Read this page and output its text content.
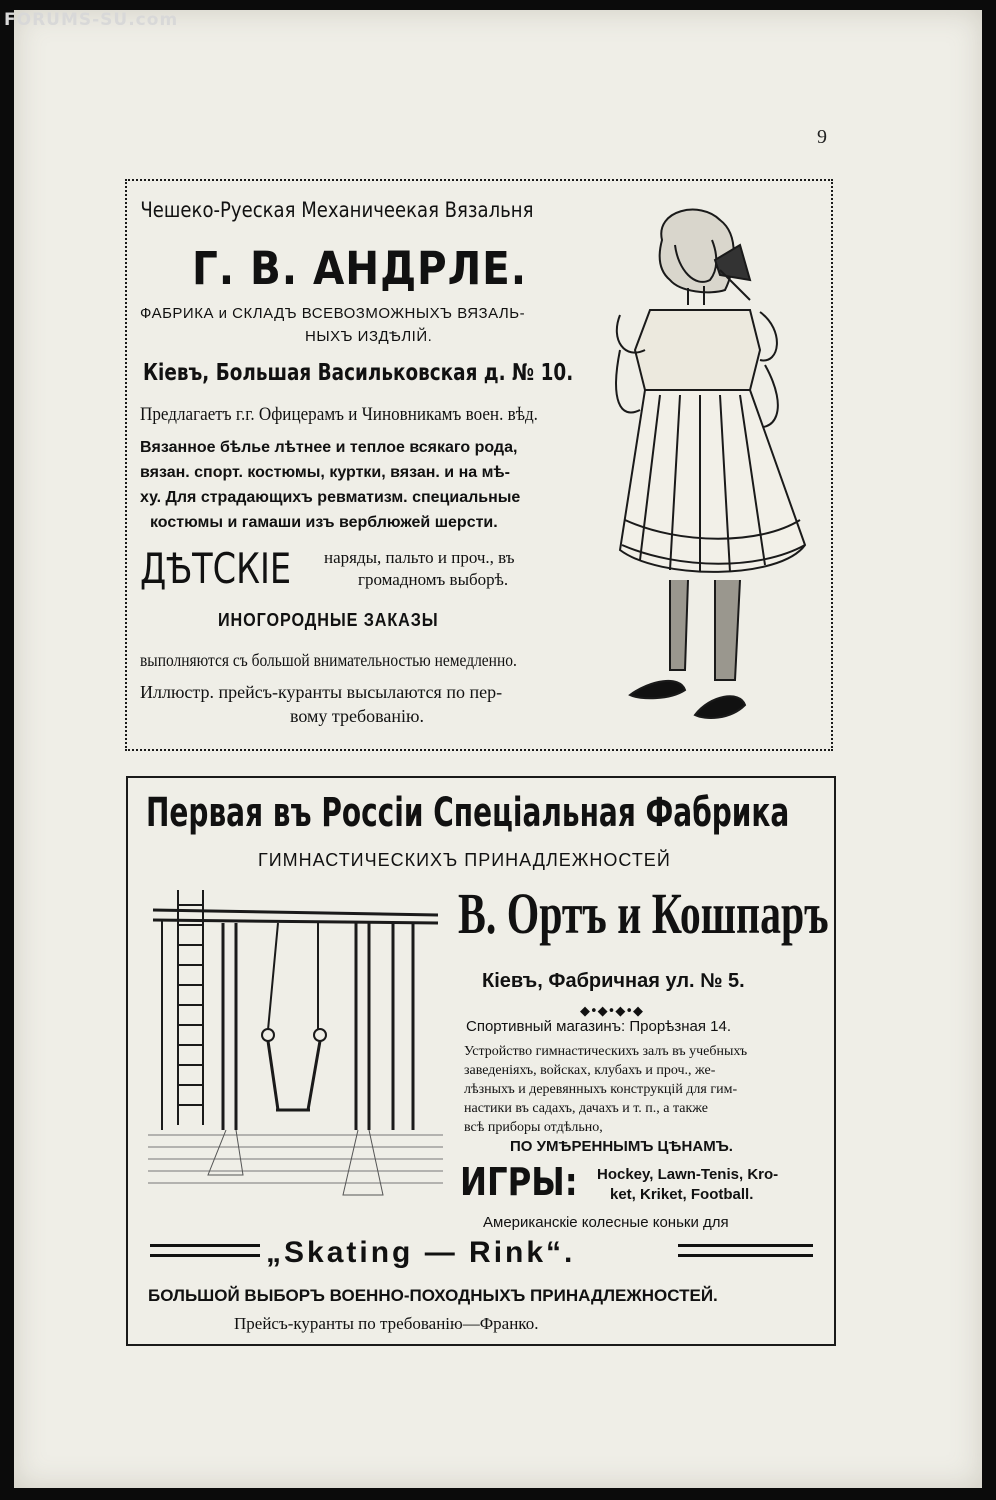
FORUMS-SU.com
9
Чешеко-Руеская Механичеекая Вязальня
Г. В. АНДРЛЕ.
ФАБРИКА и СКЛАДЪ ВСЕВОЗМОЖНЫХЪ ВЯЗАЛЬ-
НЫХЪ ИЗДѢЛІЙ.
Кіевъ, Большая Васильковская д. № 10.
Предлагаетъ г.г. Офицерамъ и Чиновникамъ воен. вѣд.
Вязанное бѣлье лѣтнее и теплое всякаго рода,
вязан. спорт. костюмы, куртки, вязан. и на мѣ-
ху. Для страдающихъ ревматизм. специальные
костюмы и гамаши изъ верблюжей шерсти.
ДѢТСКІЕ наряды, пальто и проч., въ
громадномъ выборѣ.
ИНОГОРОДНЫЕ ЗАКАЗЫ
выполняются съ большой внимательностью немедленно.
Иллюстр. прейсъ-куранты высылаются по пер-
вому требованію.
Первая въ Россіи Спеціальная Фабрика
ГИМНАСТИЧЕСКИХЪ ПРИНАДЛЕЖНОСТЕЙ
В. Ортъ и Кошпаръ
Кіевъ, Фабричная ул. № 5.
◆•◆•◆•◆
Спортивный магазинъ: Прорѣзная 14.
Устройство гимнастическихъ залъ въ учебныхъ
заведеніяхъ, войсках, клубахъ и проч., же-
лѣзныхъ и деревянныхъ конструкцій для гим-
настики въ садахъ, дачахъ и т. п., а также
всѣ приборы отдѣльно,
ПО УМѢРЕННЫМЪ ЦѢНАМЪ.
ИГРЫ: Hockey, Lawn-Tenis, Kro-
ket, Kriket, Football.
Американскіе колесные коньки для
„Skating — Rink“.
БОЛЬШОЙ ВЫБОРЪ ВОЕННО-ПОХОДНЫХЪ ПРИНАДЛЕЖНОСТЕЙ.
Прейсъ-куранты по требованію—Франко.
